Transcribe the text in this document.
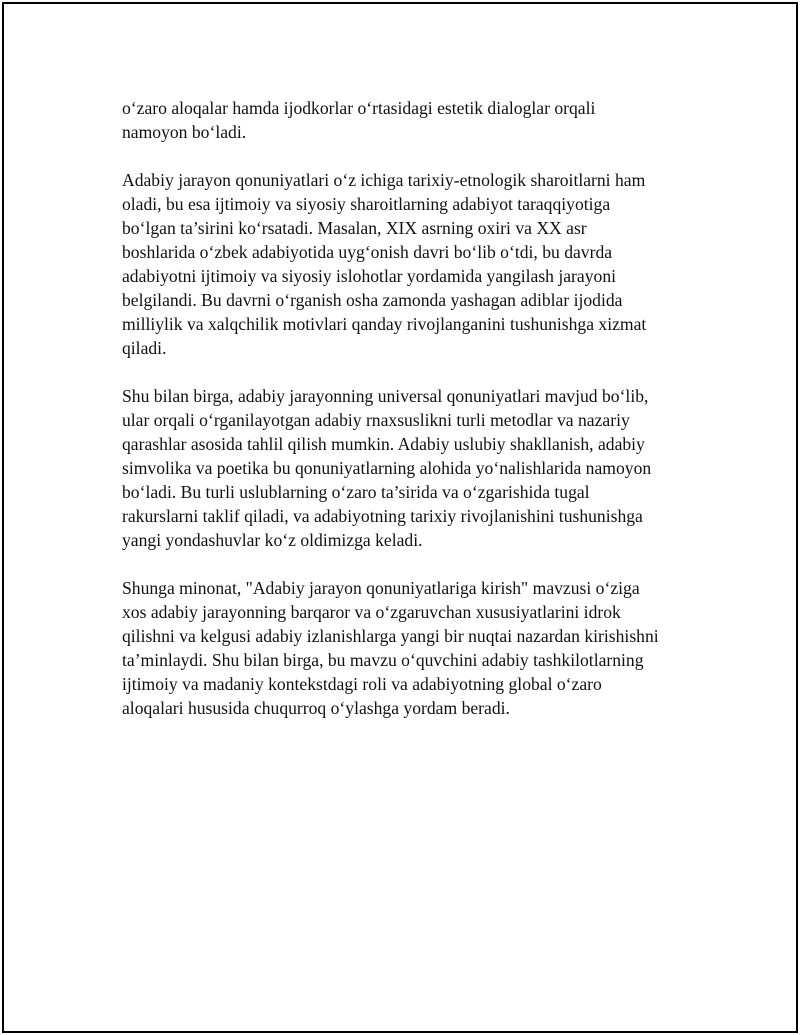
o‘zaro aloqalar hamda ijodkorlar o‘rtasidagi estetik dialoglar orqali
namoyon bo‘ladi.

Adabiy jarayon qonuniyatlari o‘z ichiga tarixiy-etnologik sharoitlarni ham
oladi, bu esa ijtimoiy va siyosiy sharoitlarning adabiyot taraqqiyotiga
bo‘lgan ta’sirini ko‘rsatadi. Masalan, XIX asrning oxiri va XX asr
boshlarida o‘zbek adabiyotida uyg‘onish davri bo‘lib o‘tdi, bu davrda
adabiyotni ijtimoiy va siyosiy islohotlar yordamida yangilash jarayoni
belgilandi. Bu davrni o‘rganish osha zamonda yashagan adiblar ijodida
milliylik va xalqchilik motivlari qanday rivojlanganini tushunishga xizmat
qiladi.

Shu bilan birga, adabiy jarayonning universal qonuniyatlari mavjud bo‘lib,
ular orqali o‘rganilayotgan adabiy rnaxsuslikni turli metodlar va nazariy
qarashlar asosida tahlil qilish mumkin. Adabiy uslubiy shakllanish, adabiy
simvolika va poetika bu qonuniyatlarning alohida yo‘nalishlarida namoyon
bo‘ladi. Bu turli uslublarning o‘zaro ta’sirida va o‘zgarishida tugal
rakurslarni taklif qiladi, va adabiyotning tarixiy rivojlanishini tushunishga
yangi yondashuvlar ko‘z oldimizga keladi.

Shunga minonat, "Adabiy jarayon qonuniyatlariga kirish" mavzusi o‘ziga
xos adabiy jarayonning barqaror va o‘zgaruvchan xususiyatlarini idrok
qilishni va kelgusi adabiy izlanishlarga yangi bir nuqtai nazardan kirishishni
ta’minlaydi. Shu bilan birga, bu mavzu o‘quvchini adabiy tashkilotlarning
ijtimoiy va madaniy kontekstdagi roli va adabiyotning global o‘zaro
aloqalari hususida chuqurroq o‘ylashga yordam beradi.
